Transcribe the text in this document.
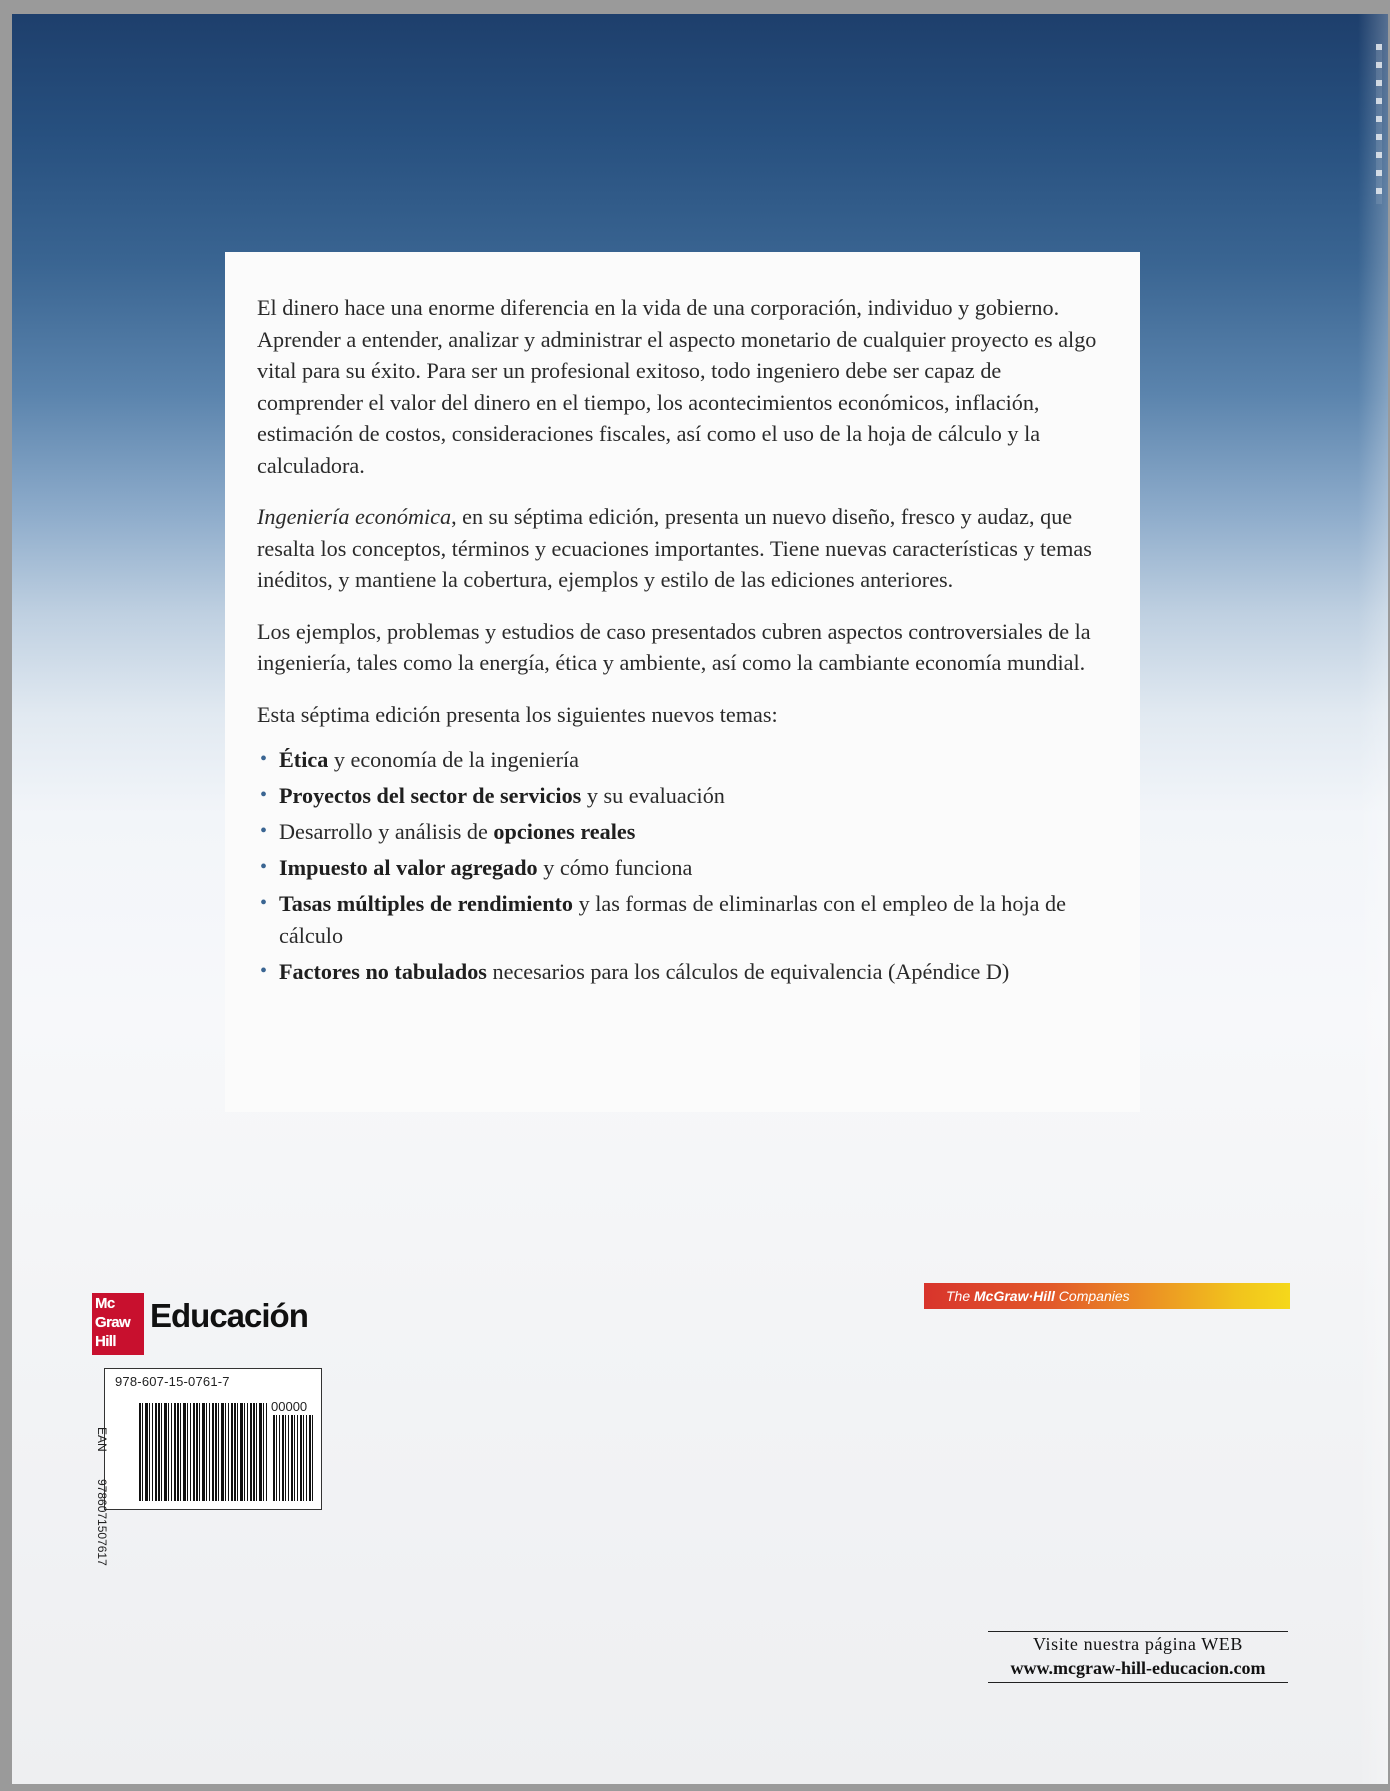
El dinero hace una enorme diferencia en la vida de una corporación, individuo y gobierno. Aprender a entender, analizar y administrar el aspecto monetario de cualquier proyecto es algo vital para su éxito. Para ser un profesional exitoso, todo ingeniero debe ser capaz de comprender el valor del dinero en el tiempo, los acontecimientos económicos, inflación, estimación de costos, consideraciones fiscales, así como el uso de la hoja de cálculo y la calculadora.

Ingeniería económica, en su séptima edición, presenta un nuevo diseño, fresco y audaz, que resalta los conceptos, términos y ecuaciones importantes. Tiene nuevas características y temas inéditos, y mantiene la cobertura, ejemplos y estilo de las ediciones anteriores.

Los ejemplos, problemas y estudios de caso presentados cubren aspectos controversiales de la ingeniería, tales como la energía, ética y ambiente, así como la cambiante economía mundial.

Esta séptima edición presenta los siguientes nuevos temas:

• Ética y economía de la ingeniería
• Proyectos del sector de servicios y su evaluación
• Desarrollo y análisis de opciones reales
• Impuesto al valor agregado y cómo funciona
• Tasas múltiples de rendimiento y las formas de eliminarlas con el empleo de la hoja de cálculo
• Factores no tabulados necesarios para los cálculos de equivalencia (Apéndice D)
Mc
Graw
Hill
Educación
The McGraw·Hill Companies
978-607-15-0761-7
00000
EAN
9786071507617
Visite nuestra página WEB
www.mcgraw-hill-educacion.com
